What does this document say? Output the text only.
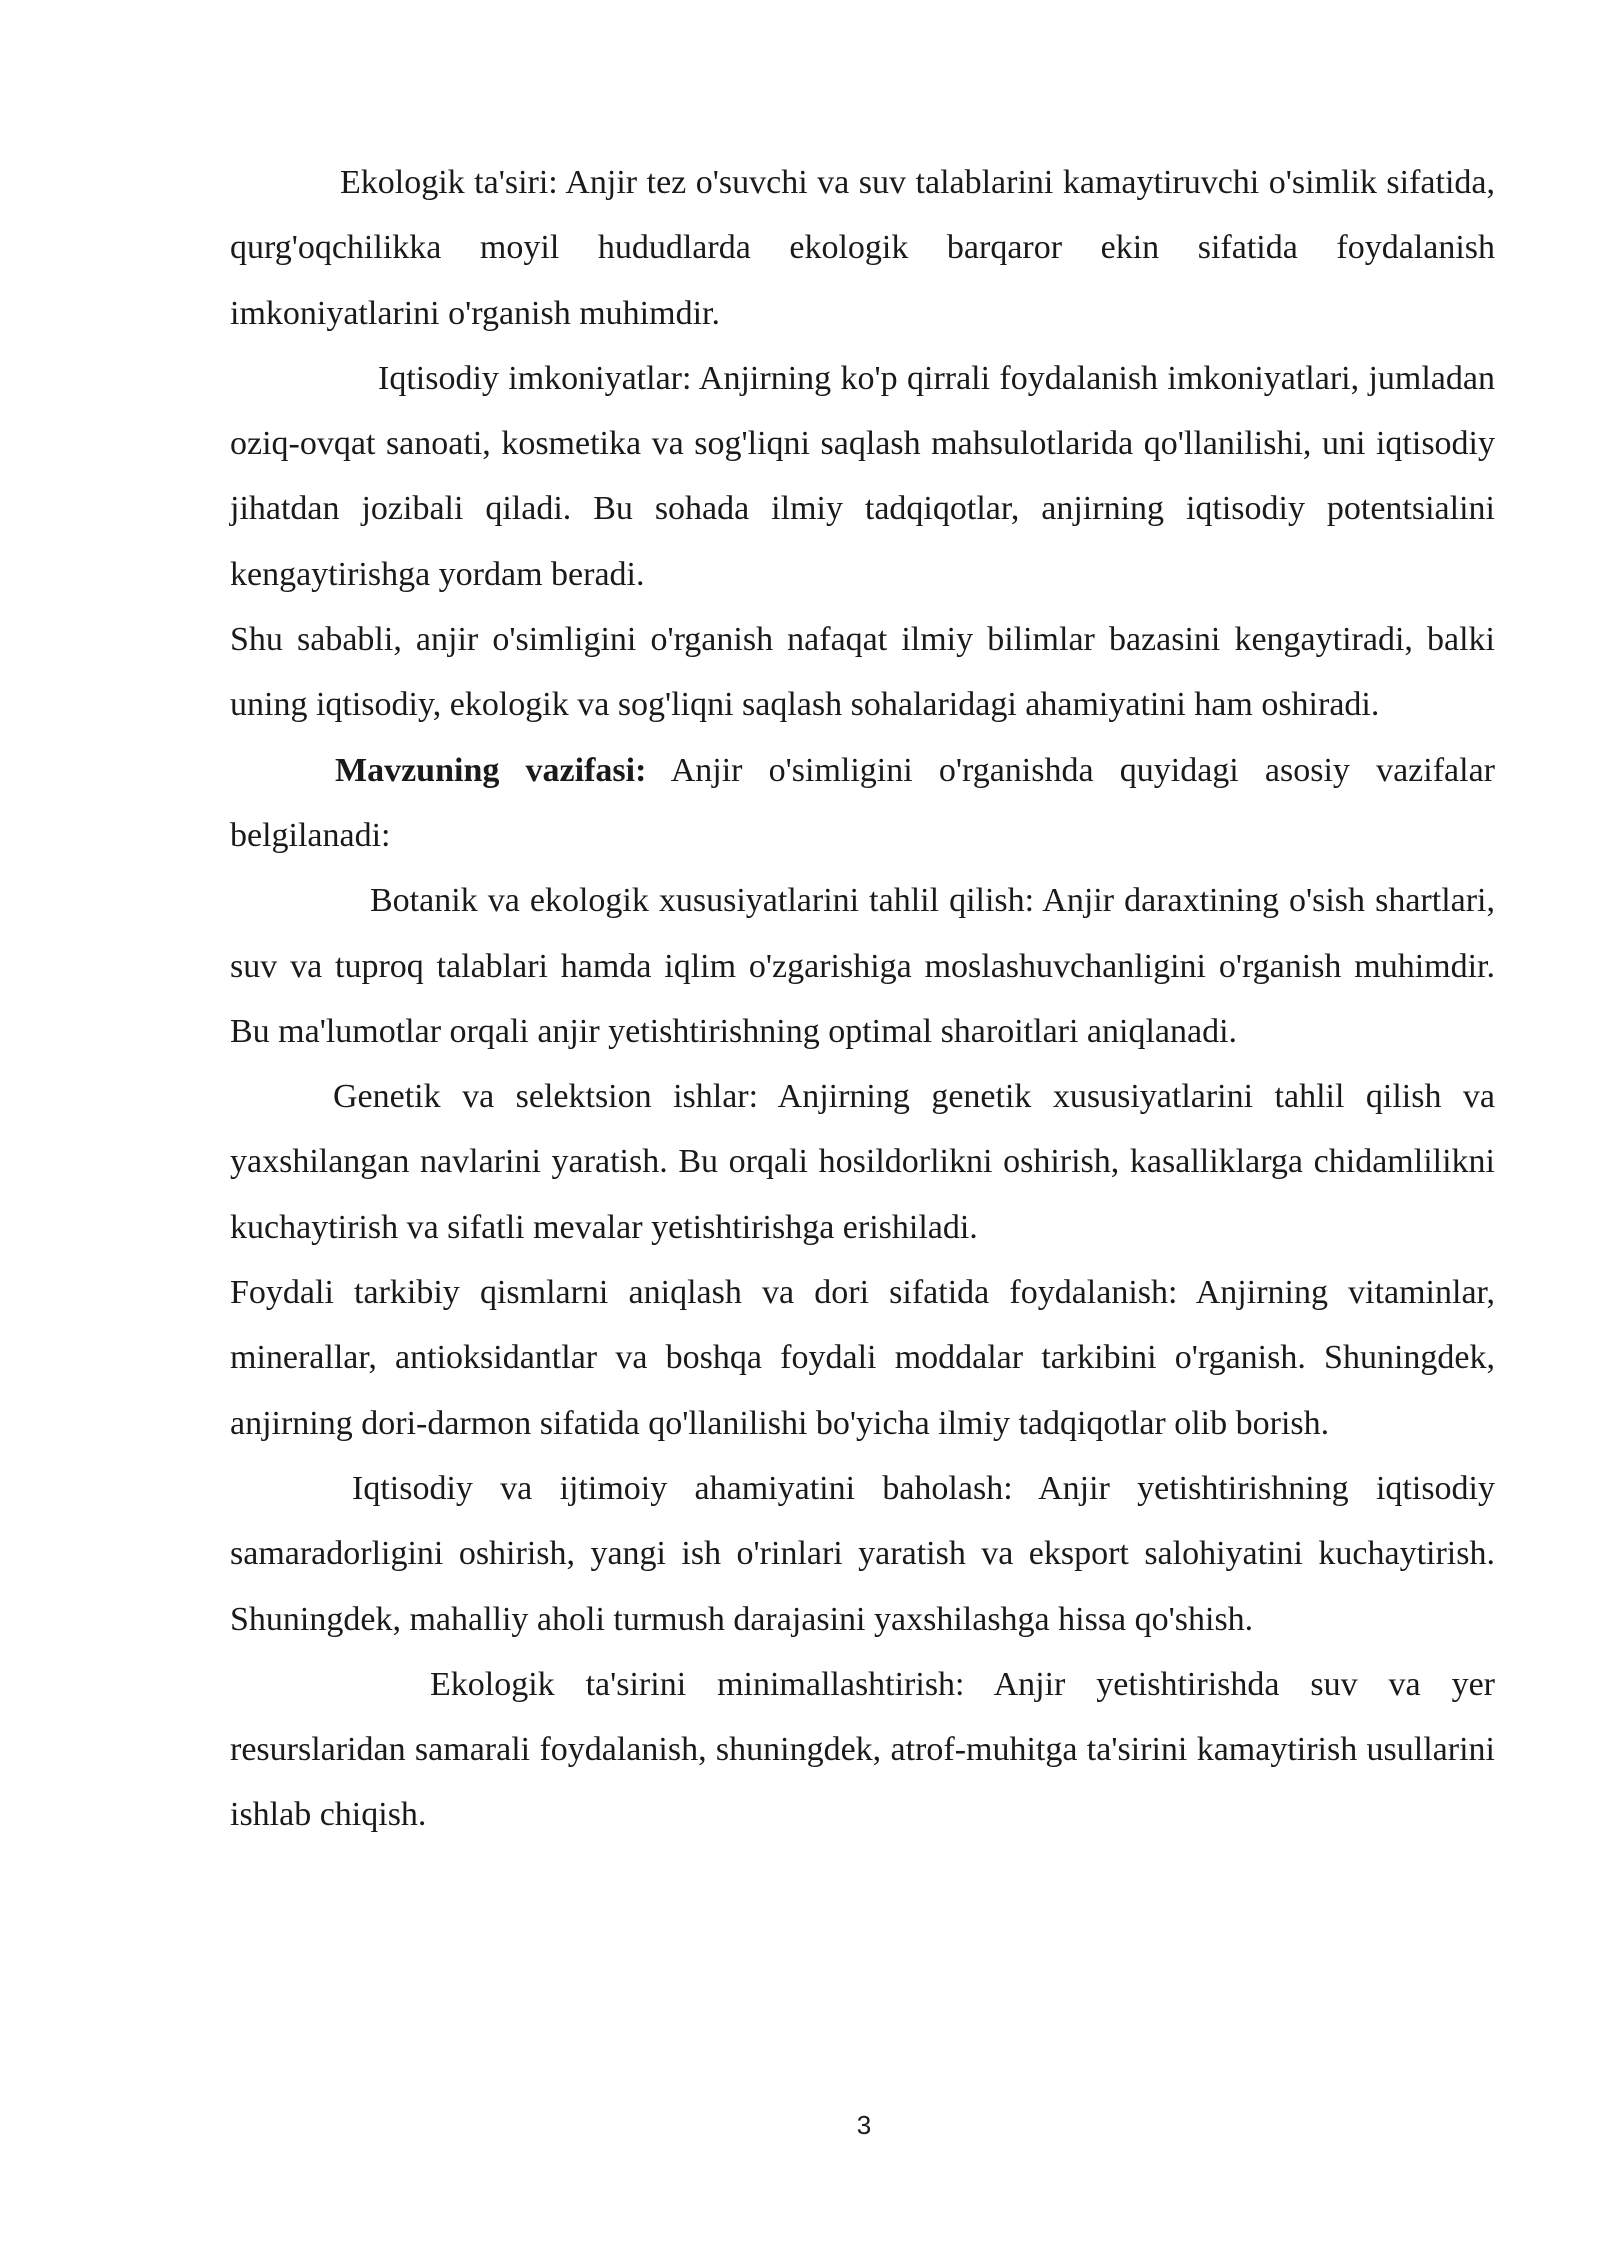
Ekologik ta'siri: Anjir tez o'suvchi va suv talablarini kamaytiruvchi o'simlik sifatida, qurg'oqchilikka moyil hududlarda ekologik barqaror ekin sifatida foydalanish imkoniyatlarini o'rganish muhimdir.

Iqtisodiy imkoniyatlar: Anjirning ko'p qirrali foydalanish imkoniyatlari, jumladan oziq-ovqat sanoati, kosmetika va sog'liqni saqlash mahsulotlarida qo'llanilishi, uni iqtisodiy jihatdan jozibali qiladi. Bu sohada ilmiy tadqiqotlar, anjirning iqtisodiy potentsialini kengaytirishga yordam beradi.

Shu sababli, anjir o'simligini o'rganish nafaqat ilmiy bilimlar bazasini kengaytiradi, balki uning iqtisodiy, ekologik va sog'liqni saqlash sohalaridagi ahamiyatini ham oshiradi.

Mavzuning vazifasi: Anjir o'simligini o'rganishda quyidagi asosiy vazifalar belgilanadi:

Botanik va ekologik xususiyatlarini tahlil qilish: Anjir daraxtining o'sish shartlari, suv va tuproq talablari hamda iqlim o'zgarishiga moslashuvchanligini o'rganish muhimdir. Bu ma'lumotlar orqali anjir yetishtirishning optimal sharoitlari aniqlanadi.

Genetik va selektsion ishlar: Anjirning genetik xususiyatlarini tahlil qilish va yaxshilangan navlarini yaratish. Bu orqali hosildorlikni oshirish, kasalliklarga chidamlilikni kuchaytirish va sifatli mevalar yetishtirishga erishiladi.

Foydali tarkibiy qismlarni aniqlash va dori sifatida foydalanish: Anjirning vitaminlar, minerallar, antioksidantlar va boshqa foydali moddalar tarkibini o'rganish. Shuningdek, anjirning dori-darmon sifatida qo'llanilishi bo'yicha ilmiy tadqiqotlar olib borish.

Iqtisodiy va ijtimoiy ahamiyatini baholash: Anjir yetishtirishning iqtisodiy samaradorligini oshirish, yangi ish o'rinlari yaratish va eksport salohiyatini kuchaytirish. Shuningdek, mahalliy aholi turmush darajasini yaxshilashga hissa qo'shish.

Ekologik ta'sirini minimallashtirish: Anjir yetishtirishda suv va yer resurslaridan samarali foydalanish, shuningdek, atrof-muhitga ta'sirini kamaytirish usullarini ishlab chiqish.

3
